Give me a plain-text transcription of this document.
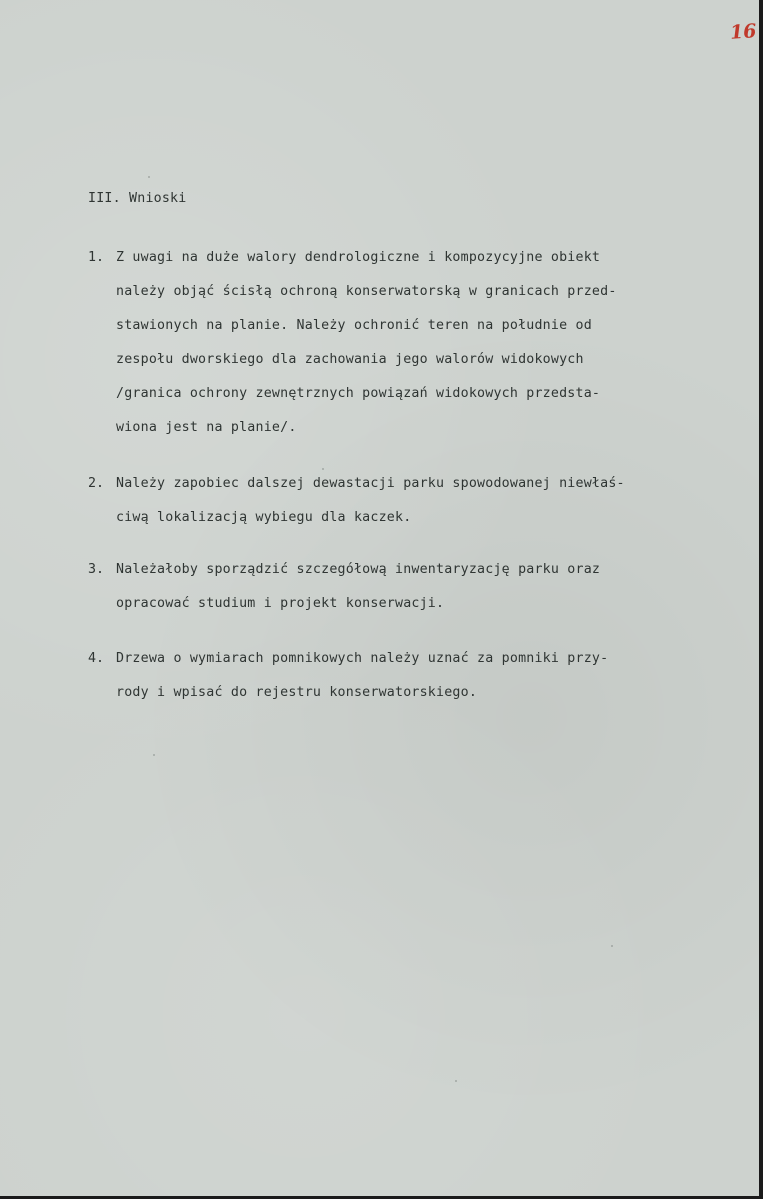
16
III. Wnioski
1. Z uwagi na duże walory dendrologiczne i kompozycyjne obiekt
należy objąć ścisłą ochroną konserwatorską w granicach przed-
stawionych na planie. Należy ochronić teren na południe od
zespołu dworskiego dla zachowania jego walorów widokowych
/granica ochrony zewnętrznych powiązań widokowych przedsta-
wiona jest na planie/.
2. Należy zapobiec dalszej dewastacji parku spowodowanej niewłaś-
ciwą lokalizacją wybiegu dla kaczek.
3. Należałoby sporządzić szczegółową inwentaryzację parku oraz
opracować studium i projekt konserwacji.
4. Drzewa o wymiarach pomnikowych należy uznać za pomniki przy-
rody i wpisać do rejestru konserwatorskiego.
